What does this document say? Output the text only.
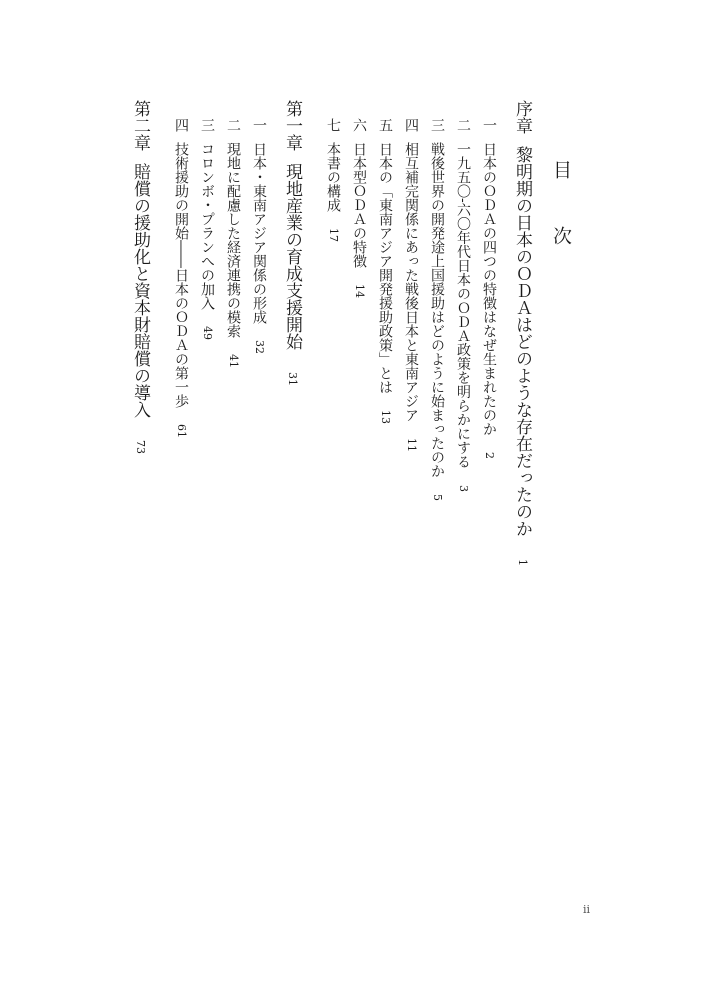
目　次
序章黎明期の日本のＯＤＡはどのような存在だったのか1
一日本のＯＤＡの四つの特徴はなぜ生まれたのか2
二一九五〇‐六〇年代日本のＯＤＡ政策を明らかにする3
三戦後世界の開発途上国援助はどのように始まったのか5
四相互補完関係にあった戦後日本と東南アジア11
五日本の「東南アジア開発援助政策」とは13
六日本型ＯＤＡの特徴14
七本書の構成17
第一章現地産業の育成支援開始31
一日本・東南アジア関係の形成32
二現地に配慮した経済連携の模索41
三コロンボ・プランへの加入49
四技術援助の開始――日本のＯＤＡの第一歩61
第二章賠償の援助化と資本財賠償の導入73
ii
